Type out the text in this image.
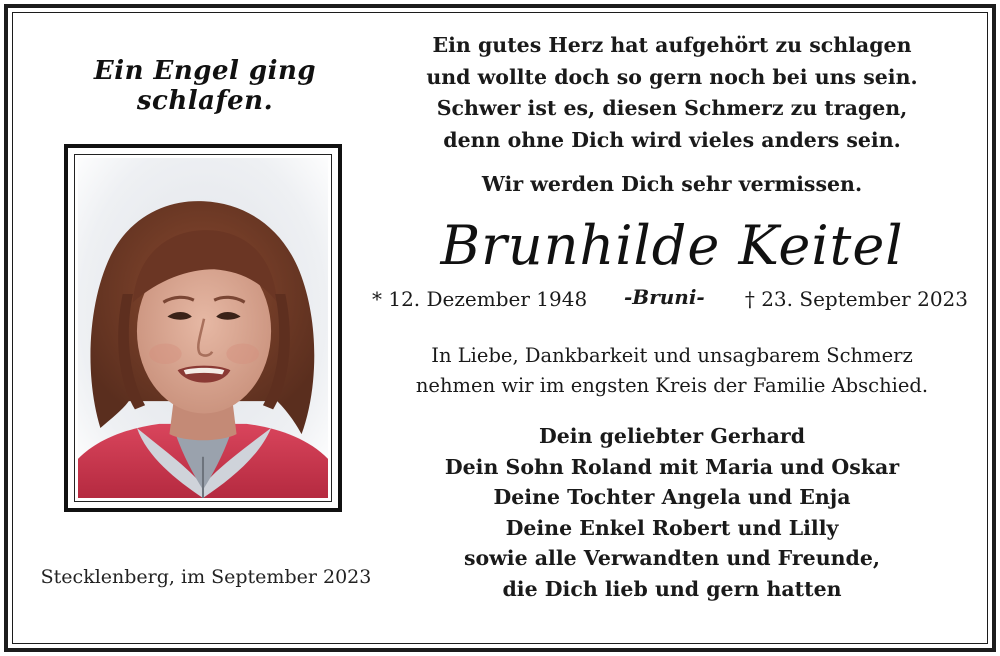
Ein Engel ging schlafen.
Stecklenberg, im September 2023
Ein gutes Herz hat aufgehört zu schlagen
und wollte doch so gern noch bei uns sein.
Schwer ist es, diesen Schmerz zu tragen,
denn ohne Dich wird vieles anders sein.
Wir werden Dich sehr vermissen.
Brunhilde Keitel
* 12. Dezember 1948 -Bruni- † 23. September 2023
In Liebe, Dankbarkeit und unsagbarem Schmerz
nehmen wir im engsten Kreis der Familie Abschied.
Dein geliebter Gerhard
Dein Sohn Roland mit Maria und Oskar
Deine Tochter Angela und Enja
Deine Enkel Robert und Lilly
sowie alle Verwandten und Freunde,
die Dich lieb und gern hatten
